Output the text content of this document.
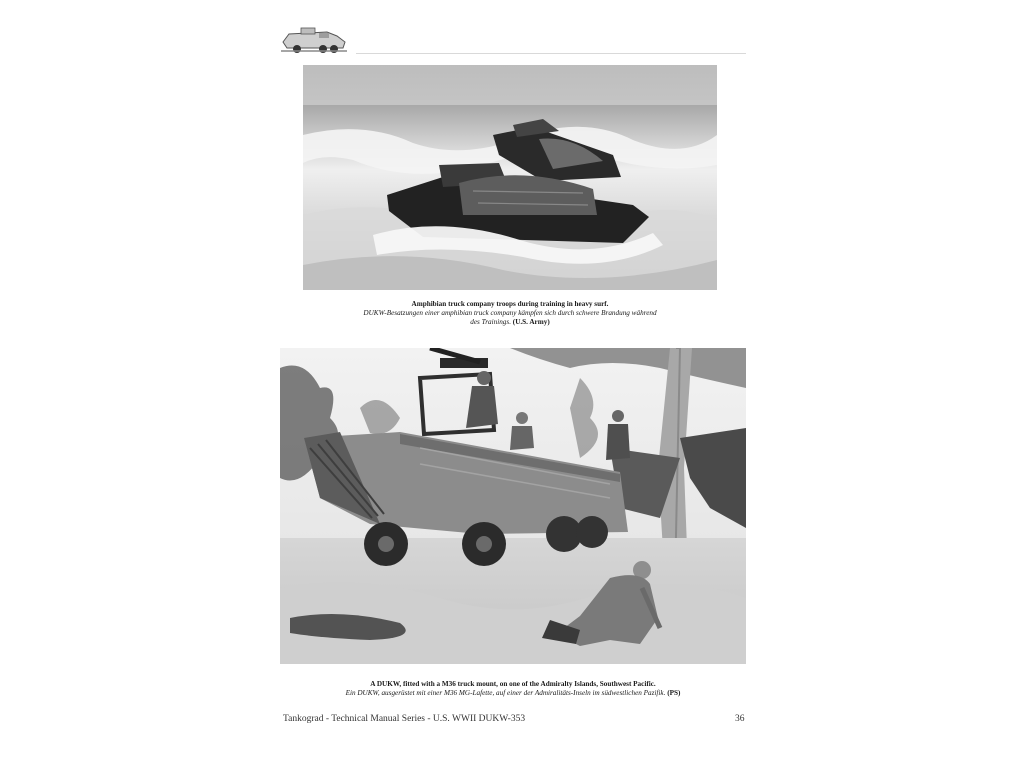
Amphibian truck company troops during training in heavy surf.
DUKW-Besatzungen einer amphibian truck company kämpfen sich durch schwere Brandung während des Trainings. (U.S. Army)
A DUKW, fitted with a M36 truck mount, on one of the Admiralty Islands, Southwest Pacific.
Ein DUKW, ausgerüstet mit einer M36 MG-Lafette, auf einer der Admiralitäts-Inseln im südwestlichen Pazifik. (PS)
Tankograd - Technical Manual Series - U.S. WWII DUKW-353	36
